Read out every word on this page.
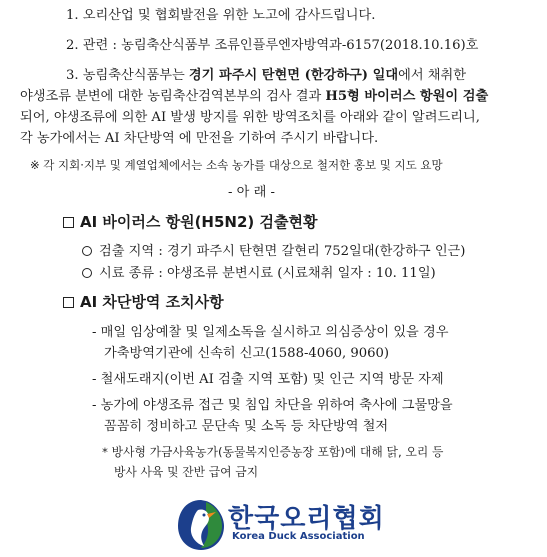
1. 오리산업 및 협회발전을 위한 노고에 감사드립니다.
2. 관련 : 농림축산식품부 조류인플루엔자방역과-6157(2018.10.16)호
3. 농림축산식품부는 경기 파주시 탄현면 (한강하구) 일대에서 채취한
야생조류 분변에 대한 농림축산검역본부의 검사 결과 H5형 바이러스 항원이 검출
되어, 야생조류에 의한 AI 발생 방지를 위한 방역조치를 아래와 같이 알려드리니,
각 농가에서는 AI 차단방역 에 만전을 기하여 주시기 바랍니다.
※ 각 지회·지부 및 계열업체에서는 소속 농가를 대상으로 철저한 홍보 및 지도 요망
- 아 래 -
AI 바이러스 항원(H5N2) 검출현황
검출 지역 : 경기 파주시 탄현면 갈현리 752일대(한강하구 인근)
시료 종류 : 야생조류 분변시료 (시료채취 일자 : 10. 11일)
AI 차단방역 조치사항
- 매일 임상예찰 및 일제소독을 실시하고 의심증상이 있을 경우
가축방역기관에 신속히 신고(1588-4060, 9060)
- 철새도래지(이번 AI 검출 지역 포함) 및 인근 지역 방문 자제
- 농가에 야생조류 접근 및 침입 차단을 위하여 축사에 그물망을
꼼꼼히 정비하고 문단속 및 소독 등 차단방역 철저
* 방사형 가금사육농가(동물복지인증농장 포함)에 대해 닭, 오리 등
방사 사육 및 잔반 급여 금지
한국오리협회
Korea Duck Association
